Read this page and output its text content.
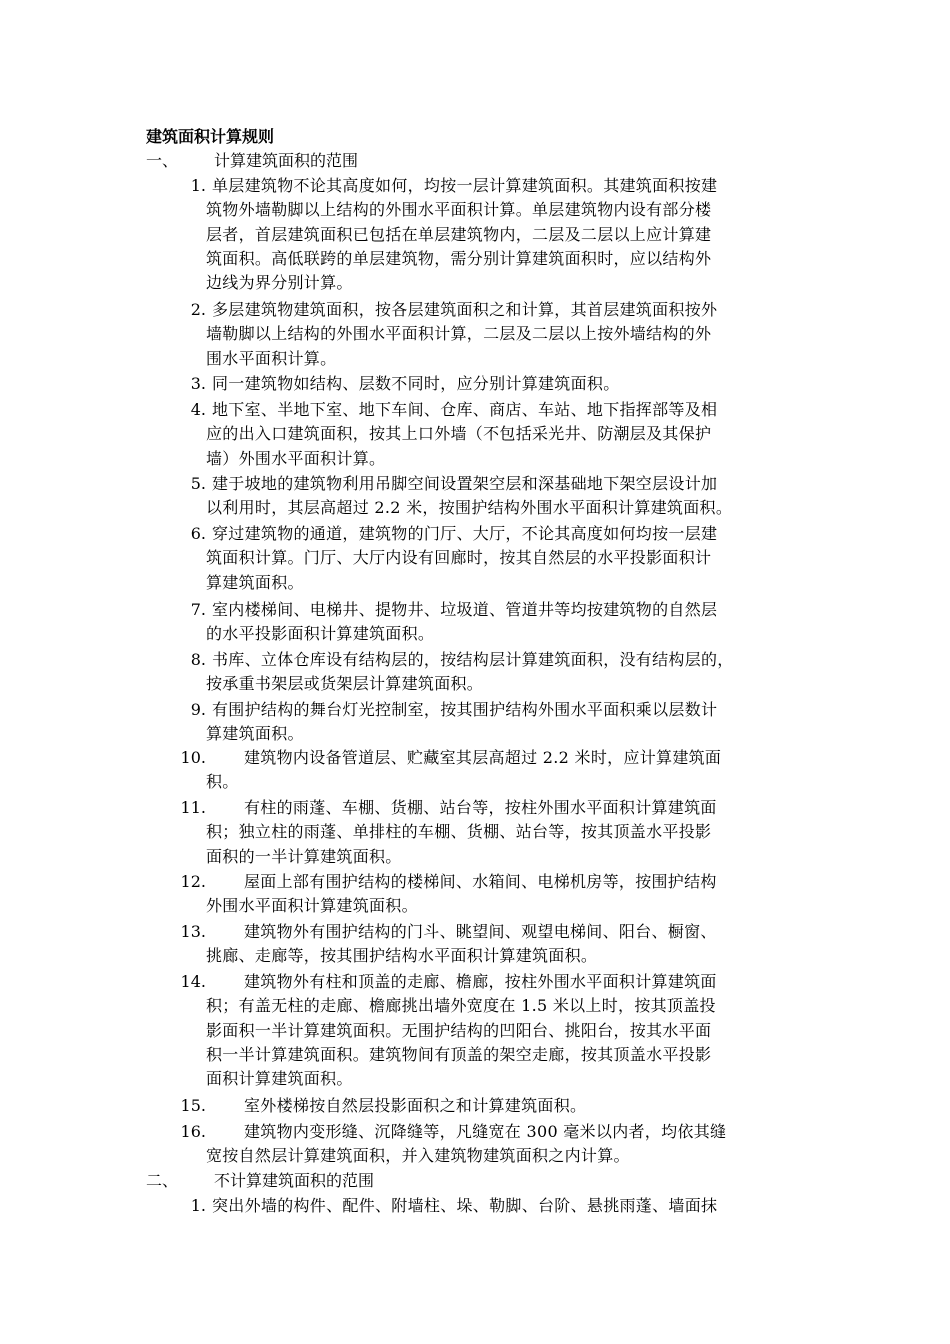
建筑面积计算规则
一、 计算建筑面积的范围
1. 单层建筑物不论其高度如何，均按一层计算建筑面积。其建筑面积按建
筑物外墙勒脚以上结构的外围水平面积计算。单层建筑物内设有部分楼
层者，首层建筑面积已包括在单层建筑物内，二层及二层以上应计算建
筑面积。高低联跨的单层建筑物，需分别计算建筑面积时，应以结构外
边线为界分别计算。
2. 多层建筑物建筑面积，按各层建筑面积之和计算，其首层建筑面积按外
墙勒脚以上结构的外围水平面积计算，二层及二层以上按外墙结构的外
围水平面积计算。
3. 同一建筑物如结构、层数不同时，应分别计算建筑面积。
4. 地下室、半地下室、地下车间、仓库、商店、车站、地下指挥部等及相
应的出入口建筑面积，按其上口外墙（不包括采光井、防潮层及其保护
墙）外围水平面积计算。
5. 建于坡地的建筑物利用吊脚空间设置架空层和深基础地下架空层设计加
以利用时，其层高超过 2.2 米，按围护结构外围水平面积计算建筑面积。
6. 穿过建筑物的通道，建筑物的门厅、大厅，不论其高度如何均按一层建
筑面积计算。门厅、大厅内设有回廊时，按其自然层的水平投影面积计
算建筑面积。
7. 室内楼梯间、电梯井、提物井、垃圾道、管道井等均按建筑物的自然层
的水平投影面积计算建筑面积。
8. 书库、立体仓库设有结构层的，按结构层计算建筑面积，没有结构层的，
按承重书架层或货架层计算建筑面积。
9. 有围护结构的舞台灯光控制室，按其围护结构外围水平面积乘以层数计
算建筑面积。
10.	建筑物内设备管道层、贮藏室其层高超过 2.2 米时，应计算建筑面
积。
11.	有柱的雨蓬、车棚、货棚、站台等，按柱外围水平面积计算建筑面
积；独立柱的雨蓬、单排柱的车棚、货棚、站台等，按其顶盖水平投影
面积的一半计算建筑面积。
12.	屋面上部有围护结构的楼梯间、水箱间、电梯机房等，按围护结构
外围水平面积计算建筑面积。
13.	建筑物外有围护结构的门斗、眺望间、观望电梯间、阳台、橱窗、
挑廊、走廊等，按其围护结构水平面积计算建筑面积。
14.	建筑物外有柱和顶盖的走廊、檐廊，按柱外围水平面积计算建筑面
积；有盖无柱的走廊、檐廊挑出墙外宽度在 1.5 米以上时，按其顶盖投
影面积一半计算建筑面积。无围护结构的凹阳台、挑阳台，按其水平面
积一半计算建筑面积。建筑物间有顶盖的架空走廊，按其顶盖水平投影
面积计算建筑面积。
15.	室外楼梯按自然层投影面积之和计算建筑面积。
16.	建筑物内变形缝、沉降缝等，凡缝宽在 300 毫米以内者，均依其缝
宽按自然层计算建筑面积，并入建筑物建筑面积之内计算。
二、 不计算建筑面积的范围
1. 突出外墙的构件、配件、附墙柱、垛、勒脚、台阶、悬挑雨蓬、墙面抹
